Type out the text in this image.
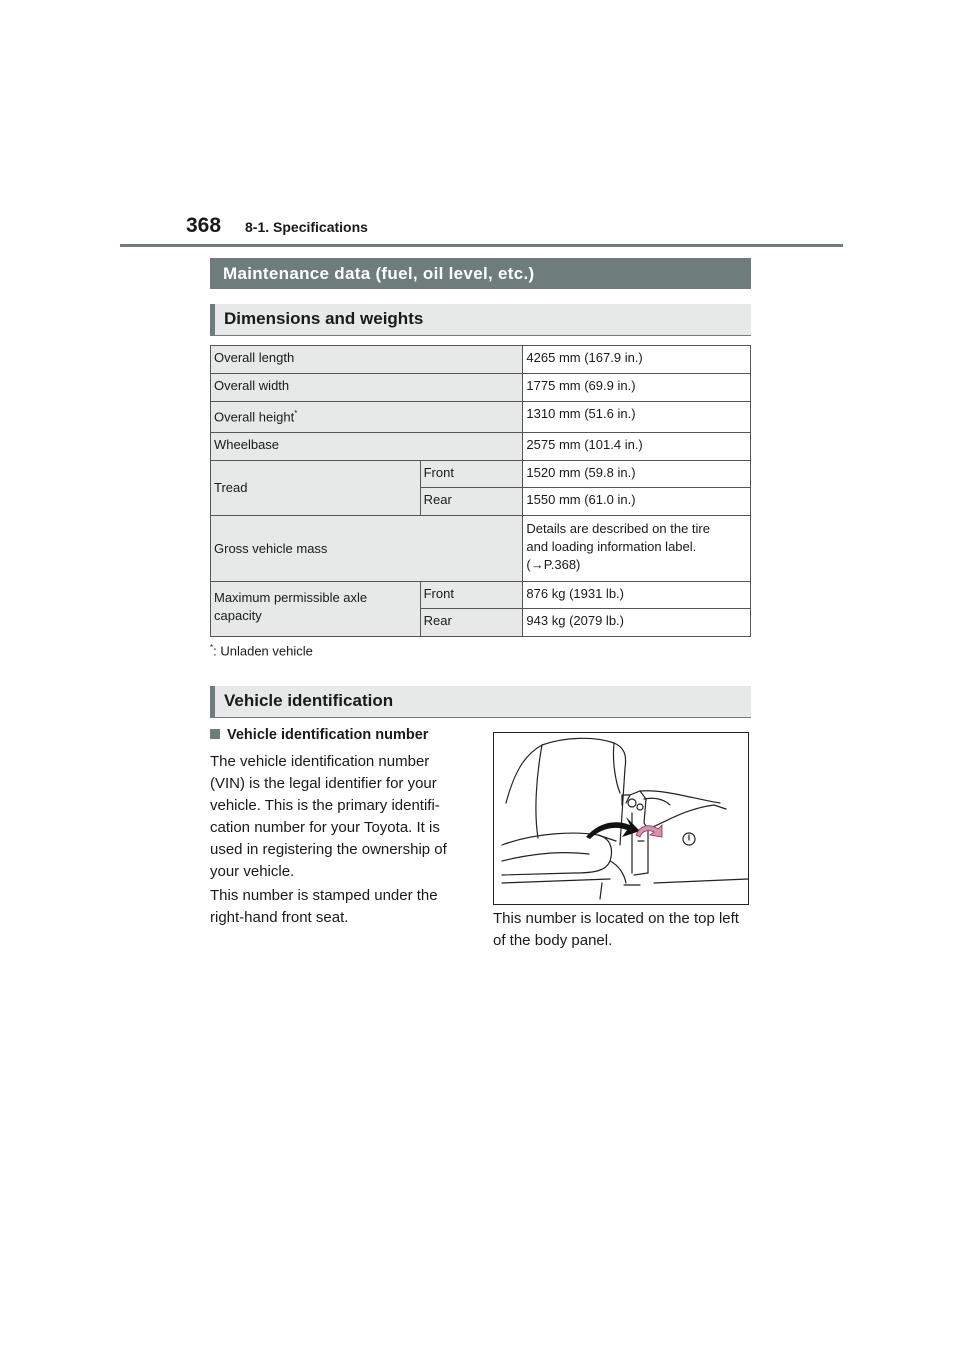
368 8-1. Specifications
Maintenance data (fuel, oil level, etc.)
Dimensions and weights
Overall length		4265 mm (167.9 in.)
Overall width		1775 mm (69.9 in.)
Overall height*		1310 mm (51.6 in.)
Wheelbase		2575 mm (101.4 in.)
Tread	Front	1520 mm (59.8 in.)
	Rear	1550 mm (61.0 in.)
Gross vehicle mass		Details are described on the tire
and loading information label.
(→P.368)

Maximum permissible axle capacity	Front	876 kg (1931 lb.)
	Rear	943 kg (2079 lb.)
*: Unladen vehicle
Vehicle identification
Vehicle identification number

The vehicle identification number (VIN) is the legal identifier for your vehicle. This is the primary identifi-cation number for your Toyota. It is used in registering the ownership of your vehicle.

This number is stamped under the right-hand front seat.	This number is located on the top left of the body panel.
